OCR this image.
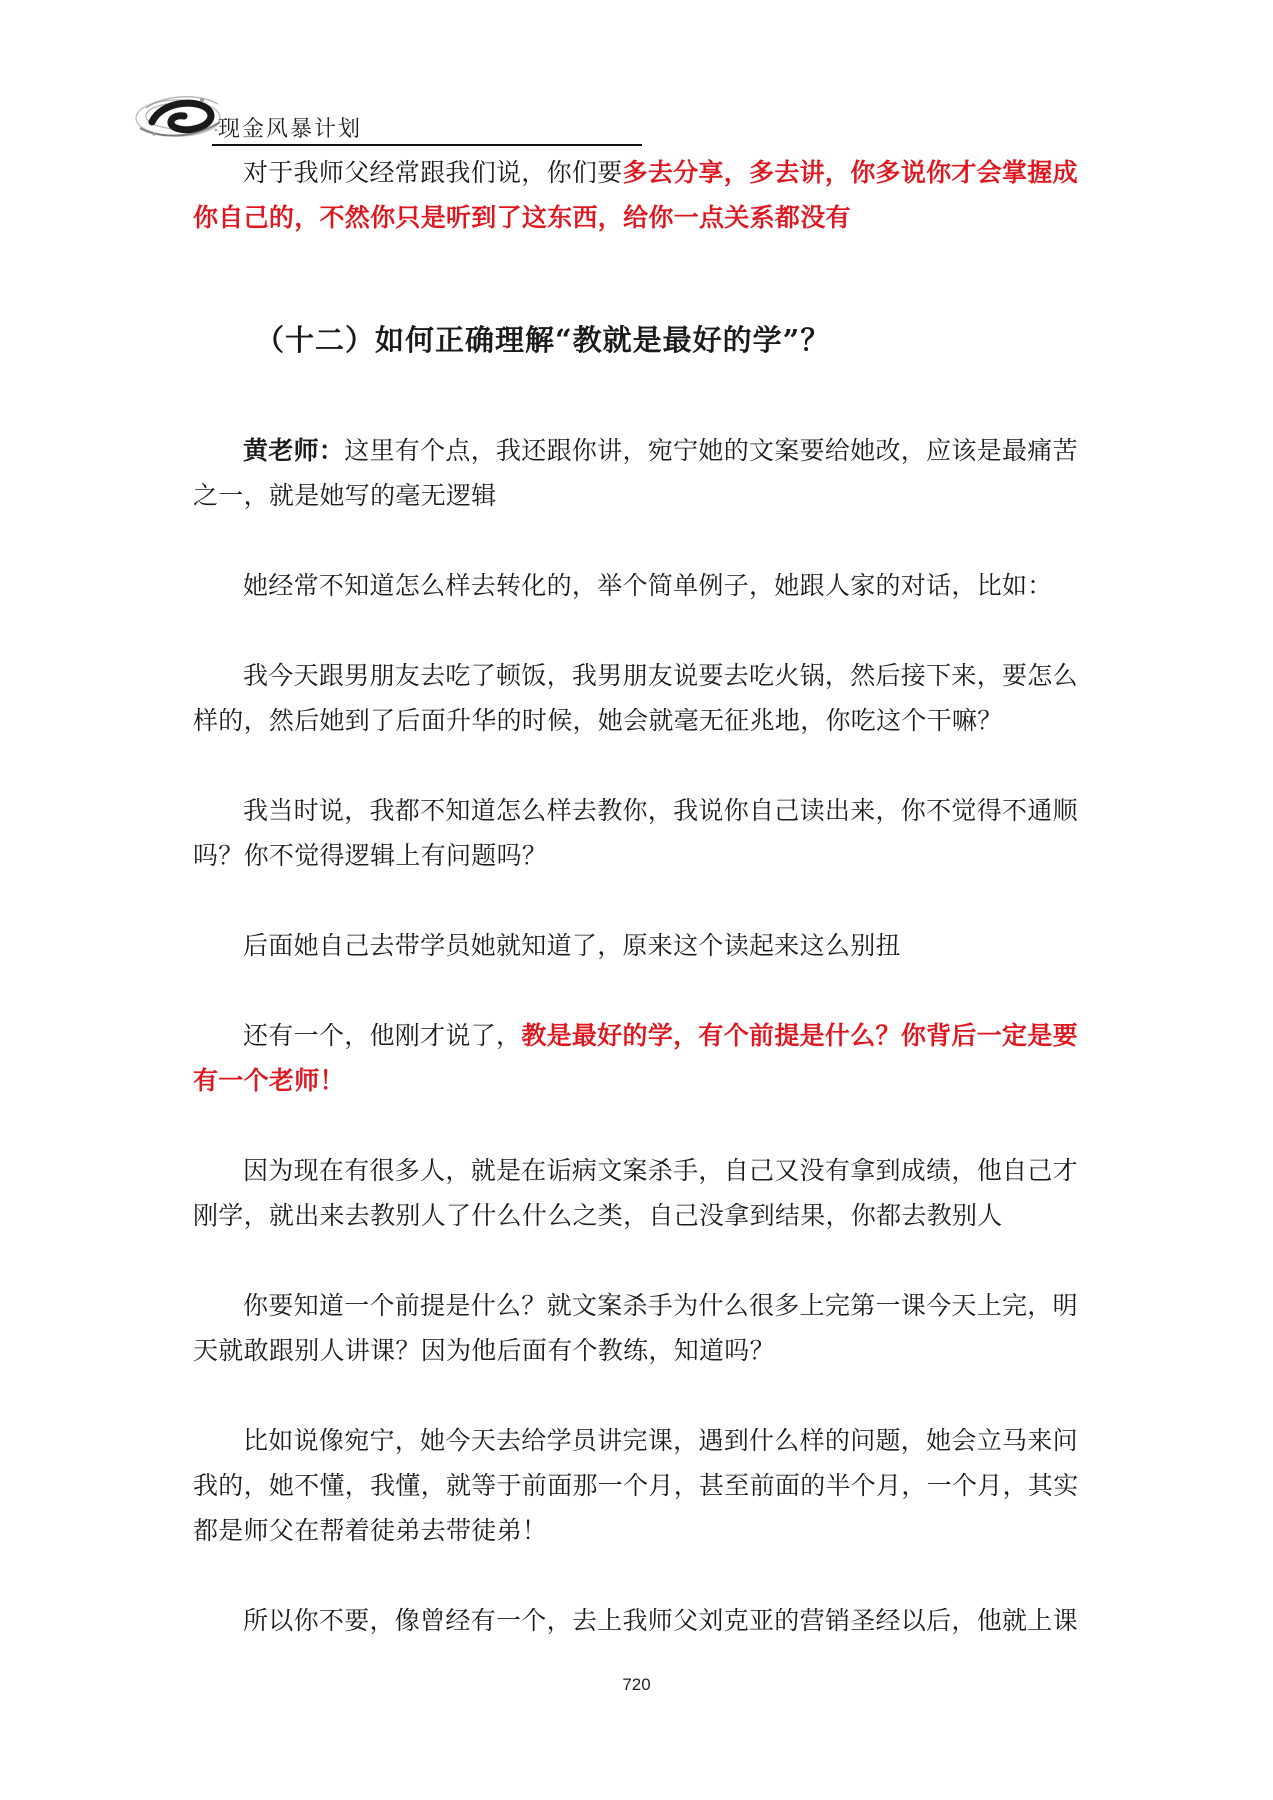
现金风暴计划

对于我师父经常跟我们说，你们要多去分享，多去讲，你多说你才会掌握成你自己的，不然你只是听到了这东西，给你一点关系都没有

（十二）如何正确理解“教就是最好的学”？

黄老师：这里有个点，我还跟你讲，宛宁她的文案要给她改，应该是最痛苦之一，就是她写的毫无逻辑

她经常不知道怎么样去转化的，举个简单例子，她跟人家的对话，比如：

我今天跟男朋友去吃了顿饭，我男朋友说要去吃火锅，然后接下来，要怎么样的，然后她到了后面升华的时候，她会就毫无征兆地，你吃这个干嘛？

我当时说，我都不知道怎么样去教你，我说你自己读出来，你不觉得不通顺吗？你不觉得逻辑上有问题吗？

后面她自己去带学员她就知道了，原来这个读起来这么别扭

还有一个，他刚才说了，教是最好的学，有个前提是什么？你背后一定是要有一个老师！

因为现在有很多人，就是在诟病文案杀手，自己又没有拿到成绩，他自己才刚学，就出来去教别人了什么什么之类，自己没拿到结果，你都去教别人

你要知道一个前提是什么？就文案杀手为什么很多上完第一课今天上完，明天就敢跟别人讲课？因为他后面有个教练，知道吗？

比如说像宛宁，她今天去给学员讲完课，遇到什么样的问题，她会立马来问我的，她不懂，我懂，就等于前面那一个月，甚至前面的半个月，一个月，其实都是师父在帮着徒弟去带徒弟！

所以你不要，像曾经有一个，去上我师父刘克亚的营销圣经以后，他就上课

720
